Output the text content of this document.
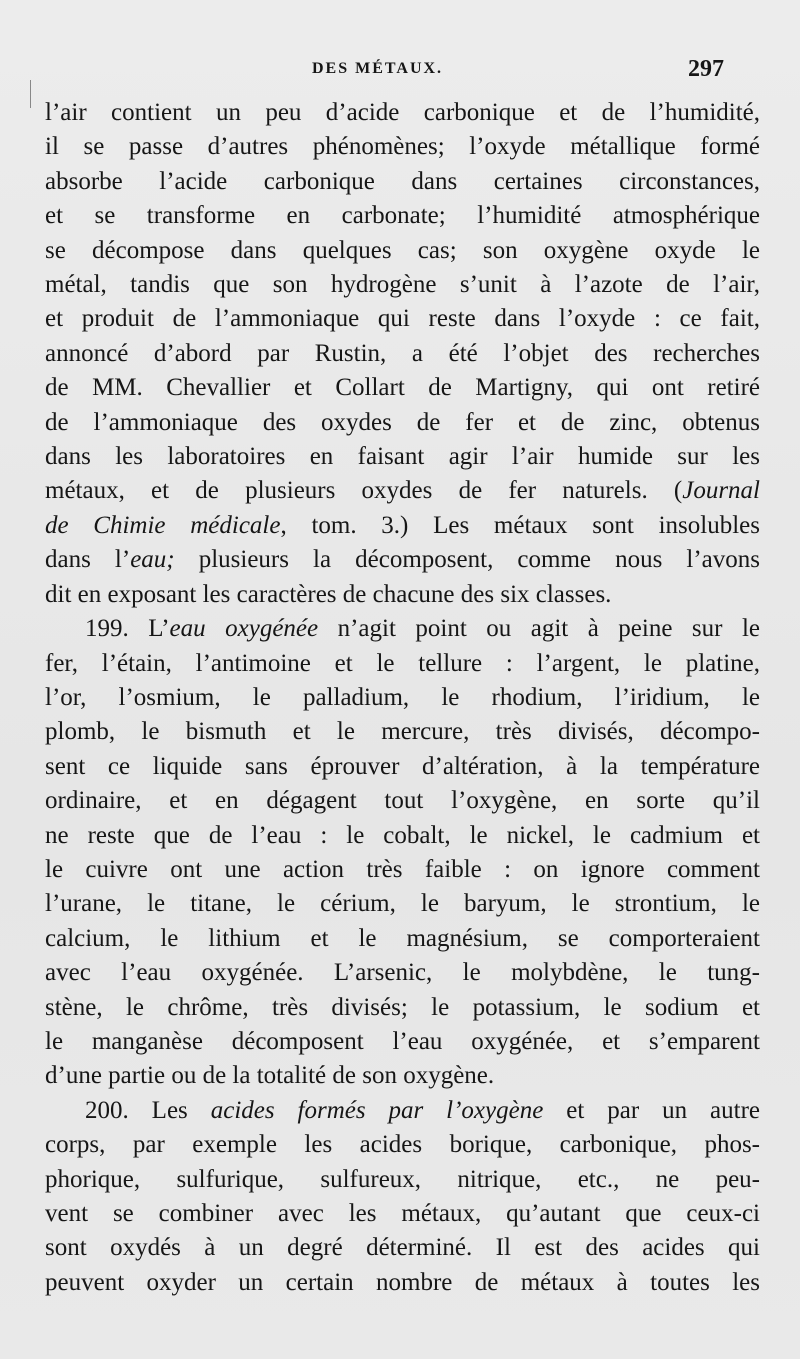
DES MÉTAUX.	297
l’air contient un peu d’acide carbonique et de l’humidité,
il se passe d’autres phénomènes; l’oxyde métallique formé
absorbe l’acide carbonique dans certaines circonstances,
et se transforme en carbonate; l’humidité atmosphérique
se décompose dans quelques cas; son oxygène oxyde le
métal, tandis que son hydrogène s’unit à l’azote de l’air,
et produit de l’ammoniaque qui reste dans l’oxyde : ce fait,
annoncé d’abord par Rustin, a été l’objet des recherches
de MM. Chevallier et Collart de Martigny, qui ont retiré
de l’ammoniaque des oxydes de fer et de zinc, obtenus
dans les laboratoires en faisant agir l’air humide sur les
métaux, et de plusieurs oxydes de fer naturels. (Journal
de Chimie médicale, tom. 3.) Les métaux sont insolubles
dans l’eau; plusieurs la décomposent, comme nous l’avons
dit en exposant les caractères de chacune des six classes.
199. L’eau oxygénée n’agit point ou agit à peine sur le
fer, l’étain, l’antimoine et le tellure : l’argent, le platine,
l’or, l’osmium, le palladium, le rhodium, l’iridium, le
plomb, le bismuth et le mercure, très divisés, décompo-
sent ce liquide sans éprouver d’altération, à la température
ordinaire, et en dégagent tout l’oxygène, en sorte qu’il
ne reste que de l’eau : le cobalt, le nickel, le cadmium et
le cuivre ont une action très faible : on ignore comment
l’urane, le titane, le cérium, le baryum, le strontium, le
calcium, le lithium et le magnésium, se comporteraient
avec l’eau oxygénée. L’arsenic, le molybdène, le tung-
stène, le chrôme, très divisés; le potassium, le sodium et
le manganèse décomposent l’eau oxygénée, et s’emparent
d’une partie ou de la totalité de son oxygène.
200. Les acides formés par l’oxygène et par un autre
corps, par exemple les acides borique, carbonique, phos-
phorique, sulfurique, sulfureux, nitrique, etc., ne peu-
vent se combiner avec les métaux, qu’autant que ceux-ci
sont oxydés à un degré déterminé. Il est des acides qui
peuvent oxyder un certain nombre de métaux à toutes les
